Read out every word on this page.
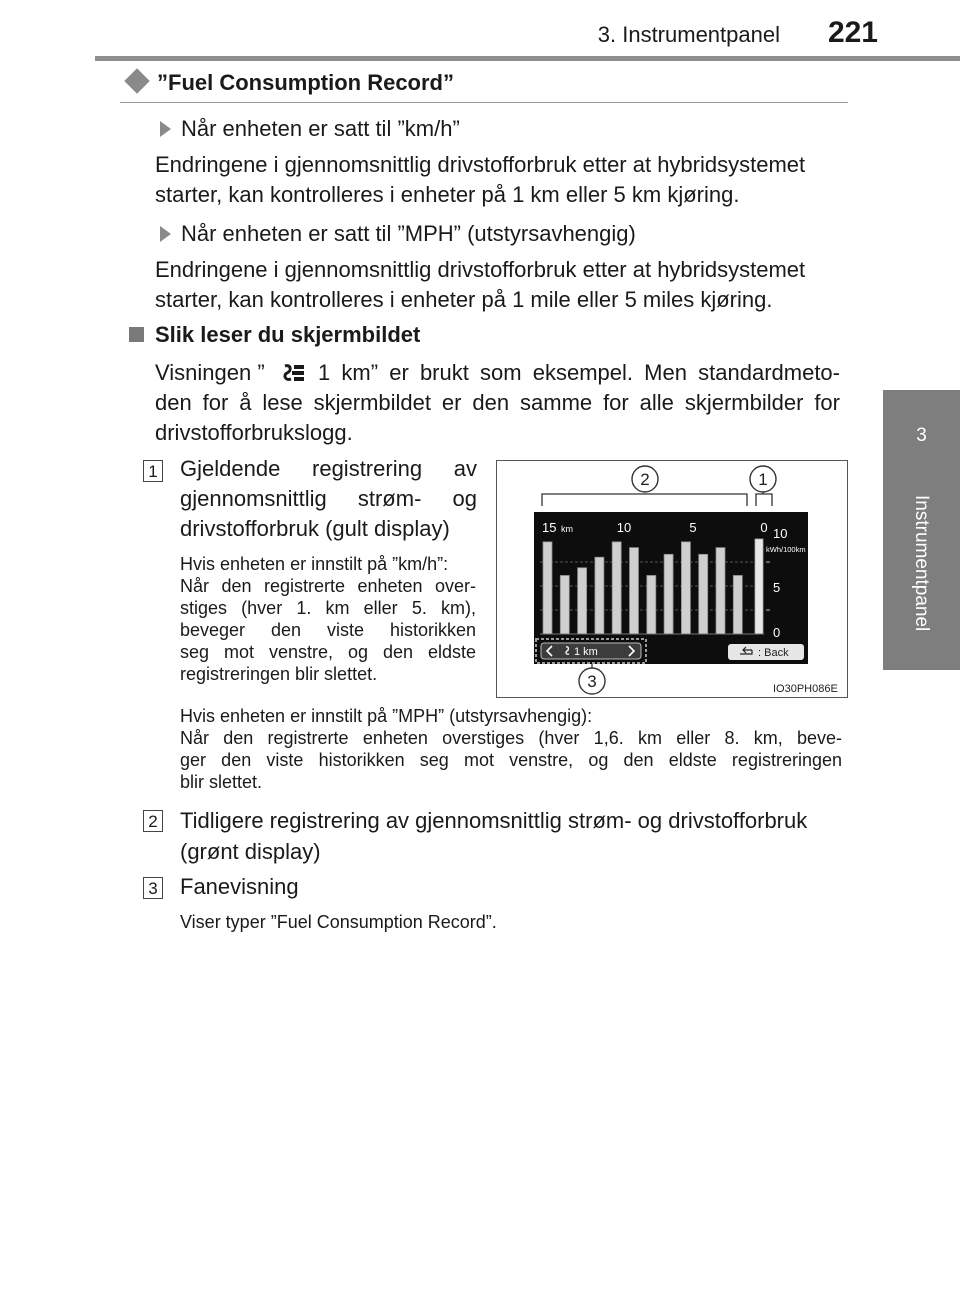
3. Instrumentpanel 221
3
Instrumentpanel
”Fuel Consumption Record”
Når enheten er satt til ”km/h”
Endringene i gjennomsnittlig drivstofforbruk etter at hybridsystemet
starter, kan kontrolleres i enheter på 1 km eller 5 km kjøring.
Når enheten er satt til ”MPH” (utstyrsavhengig)
Endringene i gjennomsnittlig drivstofforbruk etter at hybridsystemet
starter, kan kontrolleres i enheter på 1 mile eller 5 miles kjøring.
Slik leser du skjermbildet
Visningen ” 1 km” er brukt som eksempel. Men standardmeto-
den for å lese skjermbildet er den samme for alle skjermbilder for
drivstofforbrukslogg.
1 Gjeldende registrering av
gjennomsnittlig strøm- og
drivstofforbruk (gult display)
Hvis enheten er innstilt på ”km/h”:
Når den registrerte enheten over-
stiges (hver 1. km eller 5. km),
beveger den viste historikken
seg mot venstre, og den eldste
registreringen blir slettet.
Hvis enheten er innstilt på ”MPH” (utstyrsavhengig):
Når den registrerte enheten overstiges (hver 1,6. km eller 8. km, beve-
ger den viste historikken seg mot venstre, og den eldste registreringen
blir slettet.
2 Tidligere registrering av gjennomsnittlig strøm- og drivstofforbruk
(grønt display)
3 Fanevisning
Viser typer ”Fuel Consumption Record”.
2	1
3
15 km	10	5	0 10
kWh/100km
5
0
1 km	: Back
IO30PH086E
